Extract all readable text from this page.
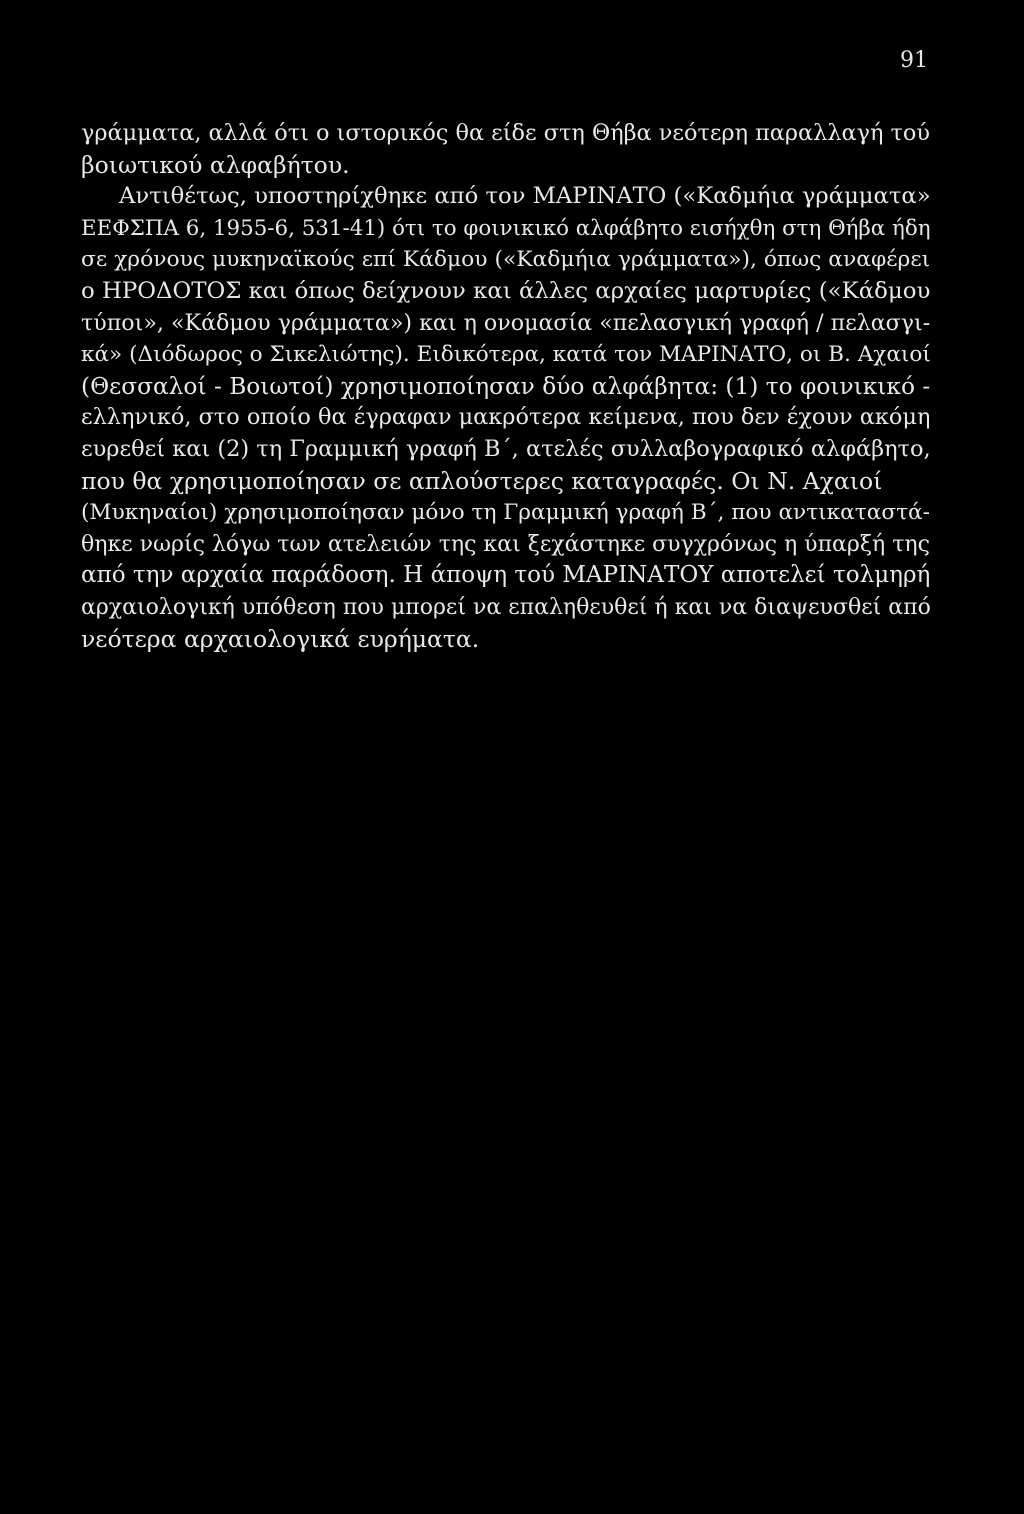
91
γράμματα, αλλά ότι ο ιστορικός θα είδε στη Θήβα νεότερη παραλλαγή τού
βοιωτικού αλφαβήτου.
Αντιθέτως, υποστηρίχθηκε από τον ΜΑΡΙΝΑΤΟ («Καδμήια γράμματα»
ΕΕΦΣΠΑ 6, 1955-6, 531-41) ότι το φοινικικό αλφάβητο εισήχθη στη Θήβα ήδη
σε χρόνους μυκηναϊκούς επί Κάδμου («Καδμήια γράμματα»), όπως αναφέρει
ο ΗΡΟΔΟΤΟΣ και όπως δείχνουν και άλλες αρχαίες μαρτυρίες («Κάδμου
τύποι», «Κάδμου γράμματα») και η ονομασία «πελασγική γραφή / πελασγι-
κά» (Διόδωρος ο Σικελιώτης). Ειδικότερα, κατά τον ΜΑΡΙΝΑΤΟ, οι Β. Αχαιοί
(Θεσσαλοί - Βοιωτοί) χρησιμοποίησαν δύο αλφάβητα: (1) το φοινικικό -
ελληνικό, στο οποίο θα έγραφαν μακρότερα κείμενα, που δεν έχουν ακόμη
ευρεθεί και (2) τη Γραμμική γραφή Β΄, ατελές συλλαβογραφικό αλφάβητο,
που θα χρησιμοποίησαν σε απλούστερες καταγραφές. Οι Ν. Αχαιοί
(Μυκηναίοι) χρησιμοποίησαν μόνο τη Γραμμική γραφή Β΄, που αντικαταστά-
θηκε νωρίς λόγω των ατελειών της και ξεχάστηκε συγχρόνως η ύπαρξή της
από την αρχαία παράδοση. Η άποψη τού ΜΑΡΙΝΑΤΟΥ αποτελεί τολμηρή
αρχαιολογική υπόθεση που μπορεί να επαληθευθεί ή και να διαψευσθεί από
νεότερα αρχαιολογικά ευρήματα.
